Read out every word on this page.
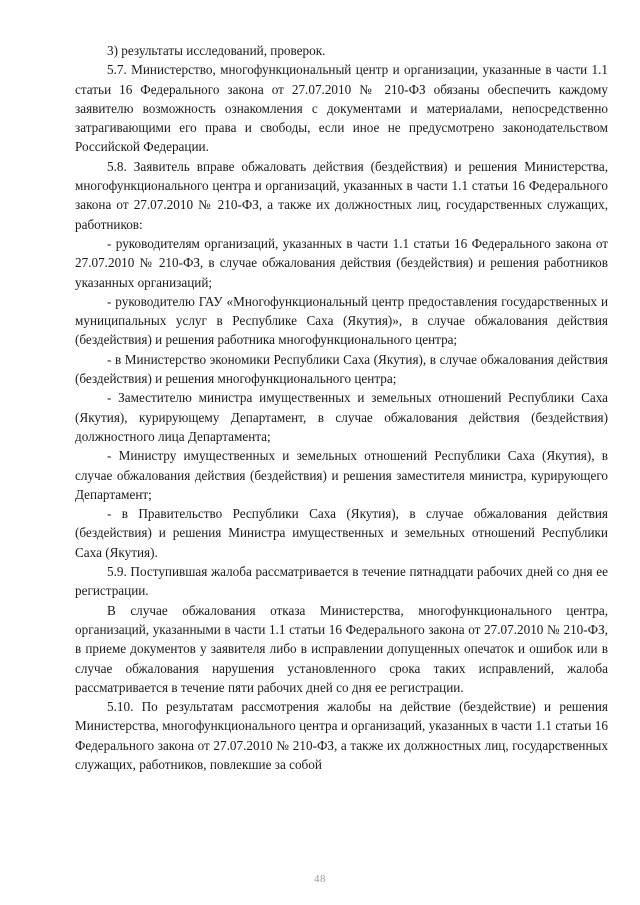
3) результаты исследований, проверок.

5.7. Министерство, многофункциональный центр и организации, указанные в части 1.1 статьи 16 Федерального закона от 27.07.2010 № 210-ФЗ обязаны обеспечить каждому заявителю возможность ознакомления с документами и материалами, непосредственно затрагивающими его права и свободы, если иное не предусмотрено законодательством Российской Федерации.

5.8. Заявитель вправе обжаловать действия (бездействия) и решения Министерства, многофункционального центра и организаций, указанных в части 1.1 статьи 16 Федерального закона от 27.07.2010 № 210-ФЗ, а также их должностных лиц, государственных служащих, работников:

- руководителям организаций, указанных в части 1.1 статьи 16 Федерального закона от 27.07.2010 № 210-ФЗ, в случае обжалования действия (бездействия) и решения работников указанных организаций;

- руководителю ГАУ «Многофункциональный центр предоставления государственных и муниципальных услуг в Республике Саха (Якутия)», в случае обжалования действия (бездействия) и решения работника многофункционального центра;

- в Министерство экономики Республики Саха (Якутия), в случае обжалования действия (бездействия) и решения многофункционального центра;

- Заместителю министра имущественных и земельных отношений Республики Саха (Якутия), курирующему Департамент, в случае обжалования действия (бездействия) должностного лица Департамента;

- Министру имущественных и земельных отношений Республики Саха (Якутия), в случае обжалования действия (бездействия) и решения заместителя министра, курирующего Департамент;

- в Правительство Республики Саха (Якутия), в случае обжалования действия (бездействия) и решения Министра имущественных и земельных отношений Республики Саха (Якутия).

5.9. Поступившая жалоба рассматривается в течение пятнадцати рабочих дней со дня ее регистрации.

В случае обжалования отказа Министерства, многофункционального центра, организаций, указанными в части 1.1 статьи 16 Федерального закона от 27.07.2010 № 210-ФЗ, в приеме документов у заявителя либо в исправлении допущенных опечаток и ошибок или в случае обжалования нарушения установленного срока таких исправлений, жалоба рассматривается в течение пяти рабочих дней со дня ее регистрации.

5.10. По результатам рассмотрения жалобы на действие (бездействие) и решения Министерства, многофункционального центра и организаций, указанных в части 1.1 статьи 16 Федерального закона от 27.07.2010 № 210-ФЗ, а также их должностных лиц, государственных служащих, работников, повлекшие за собой

48
